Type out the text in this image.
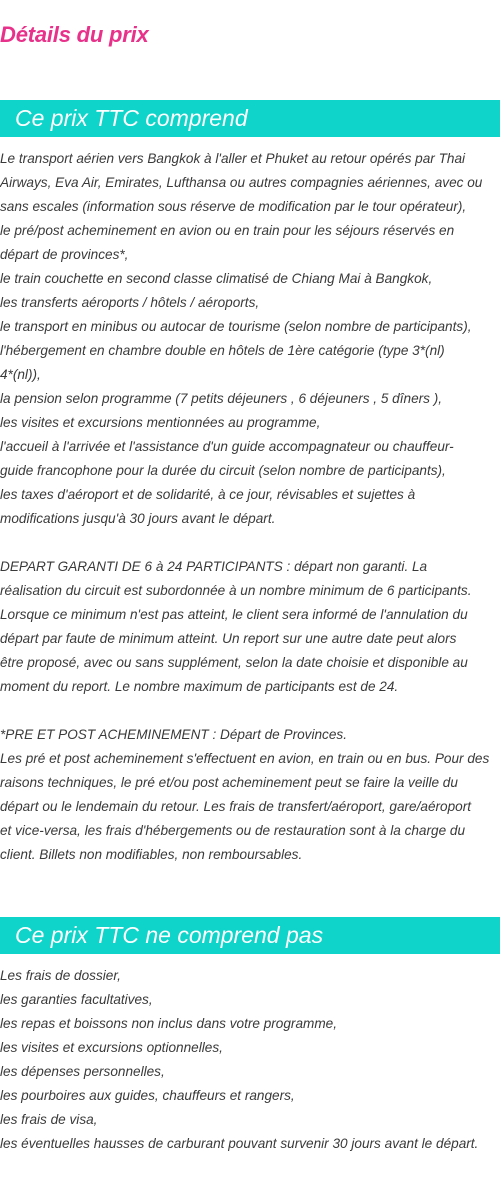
Détails du prix
Ce prix TTC comprend
Le transport aérien vers Bangkok à l'aller et Phuket au retour opérés par Thai
Airways, Eva Air, Emirates, Lufthansa ou autres compagnies aériennes, avec ou
sans escales (information sous réserve de modification par le tour opérateur),
le pré/post acheminement en avion ou en train pour les séjours réservés en
départ de provinces*,
le train couchette en second classe climatisé de Chiang Mai à Bangkok,
les transferts aéroports / hôtels / aéroports,
le transport en minibus ou autocar de tourisme (selon nombre de participants),
l'hébergement en chambre double en hôtels de 1ère catégorie (type 3*(nl)
4*(nl)),
la pension selon programme (7 petits déjeuners , 6 déjeuners , 5 dîners ),
les visites et excursions mentionnées au programme,
l'accueil à l'arrivée et l'assistance d'un guide accompagnateur ou chauffeur-
guide francophone pour la durée du circuit (selon nombre de participants),
les taxes d'aéroport et de solidarité, à ce jour, révisables et sujettes à
modifications jusqu'à 30 jours avant le départ.
DEPART GARANTI DE 6 à 24 PARTICIPANTS : départ non garanti. La
réalisation du circuit est subordonnée à un nombre minimum de 6 participants.
Lorsque ce minimum n'est pas atteint, le client sera informé de l'annulation du
départ par faute de minimum atteint. Un report sur une autre date peut alors
être proposé, avec ou sans supplément, selon la date choisie et disponible au
moment du report. Le nombre maximum de participants est de 24.
*PRE ET POST ACHEMINEMENT : Départ de Provinces.
Les pré et post acheminement s'effectuent en avion, en train ou en bus. Pour des
raisons techniques, le pré et/ou post acheminement peut se faire la veille du
départ ou le lendemain du retour. Les frais de transfert/aéroport, gare/aéroport
et vice-versa, les frais d'hébergements ou de restauration sont à la charge du
client. Billets non modifiables, non remboursables.
Ce prix TTC ne comprend pas
Les frais de dossier,
les garanties facultatives,
les repas et boissons non inclus dans votre programme,
les visites et excursions optionnelles,
les dépenses personnelles,
les pourboires aux guides, chauffeurs et rangers,
les frais de visa,
les éventuelles hausses de carburant pouvant survenir 30 jours avant le départ.
